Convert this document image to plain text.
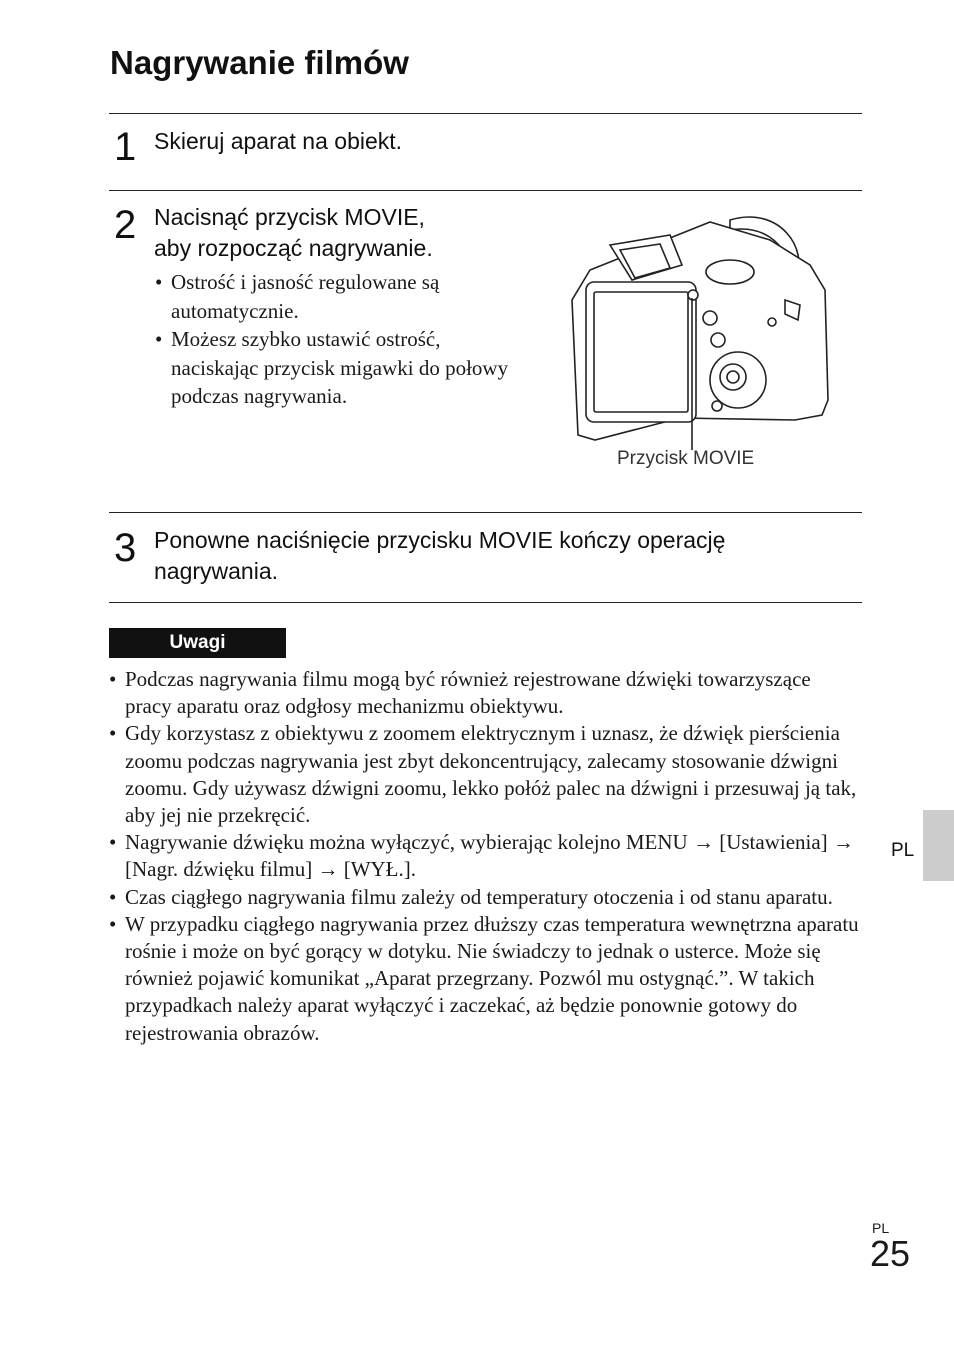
Nagrywanie filmów
1 Skieruj aparat na obiekt.
2 Nacisnąć przycisk MOVIE,
aby rozpocząć nagrywanie.
• Ostrość i jasność regulowane są automatycznie.
• Możesz szybko ustawić ostrość, naciskając przycisk migawki do połowy podczas nagrywania.
Przycisk MOVIE
3 Ponowne naciśnięcie przycisku MOVIE kończy operację
nagrywania.
Uwagi
• Podczas nagrywania filmu mogą być również rejestrowane dźwięki towarzyszące pracy aparatu oraz odgłosy mechanizmu obiektywu.
• Gdy korzystasz z obiektywu z zoomem elektrycznym i uznasz, że dźwięk pierścienia zoomu podczas nagrywania jest zbyt dekoncentrujący, zalecamy stosowanie dźwigni zoomu. Gdy używasz dźwigni zoomu, lekko połóż palec na dźwigni i przesuwaj ją tak, aby jej nie przekręcić.
• Nagrywanie dźwięku można wyłączyć, wybierając kolejno MENU → [Ustawienia] → [Nagr. dźwięku filmu] → [WYŁ.].
• Czas ciągłego nagrywania filmu zależy od temperatury otoczenia i od stanu aparatu.
• W przypadku ciągłego nagrywania przez dłuższy czas temperatura wewnętrzna aparatu rośnie i może on być gorący w dotyku. Nie świadczy to jednak o usterce. Może się również pojawić komunikat „Aparat przegrzany. Pozwól mu ostygnąć.”. W takich przypadkach należy aparat wyłączyć i zaczekać, aż będzie ponownie gotowy do rejestrowania obrazów.
PL
PL
25
